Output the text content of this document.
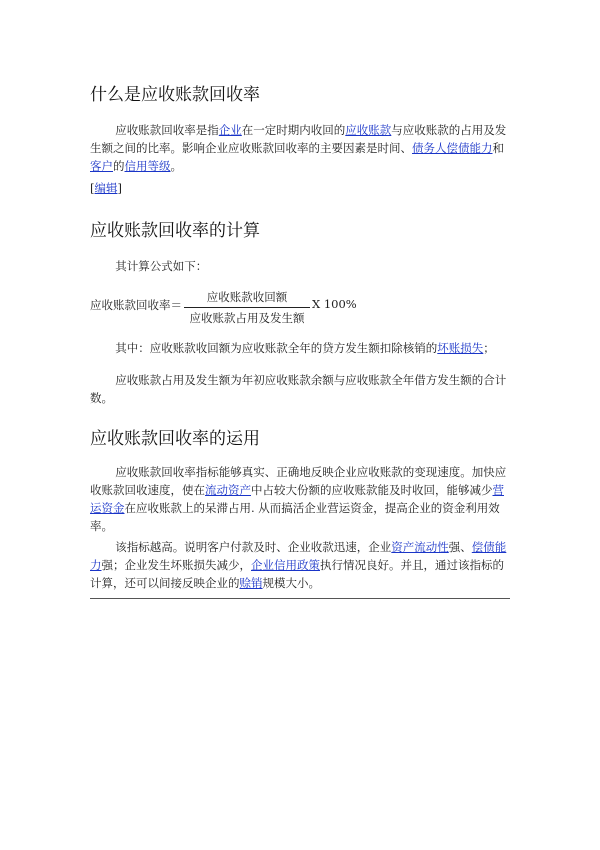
什么是应收账款回收率

应收账款回收率是指企业在一定时期内收回的应收账款与应收账款的占用及发生额之间的比率。影响企业应收账款回收率的主要因素是时间、债务人偿债能力和客户的信用等级。

[编辑]
应收账款回收率的计算

其计算公式如下：

应收账款回收率＝
应收账款收回额
应收账款占用及发生额
X 100%

其中：应收账款收回额为应收账款全年的贷方发生额扣除核销的坏账损失；

应收账款占用及发生额为年初应收账款余额与应收账款全年借方发生额的合计数。

应收账款回收率的运用

应收账款回收率指标能够真实、正确地反映企业应收账款的变现速度。加快应收账款回收速度，使在流动资产中占较大份额的应收账款能及时收回，能够减少营运资金在应收账款上的呆滞占用. 从而搞活企业营运资金，提高企业的资金利用效率。

该指标越高。说明客户付款及时、企业收款迅速，企业资产流动性强、偿债能力强；企业发生坏账损失减少，企业信用政策执行情况良好。并且，通过该指标的计算，还可以间接反映企业的赊销规模大小。
